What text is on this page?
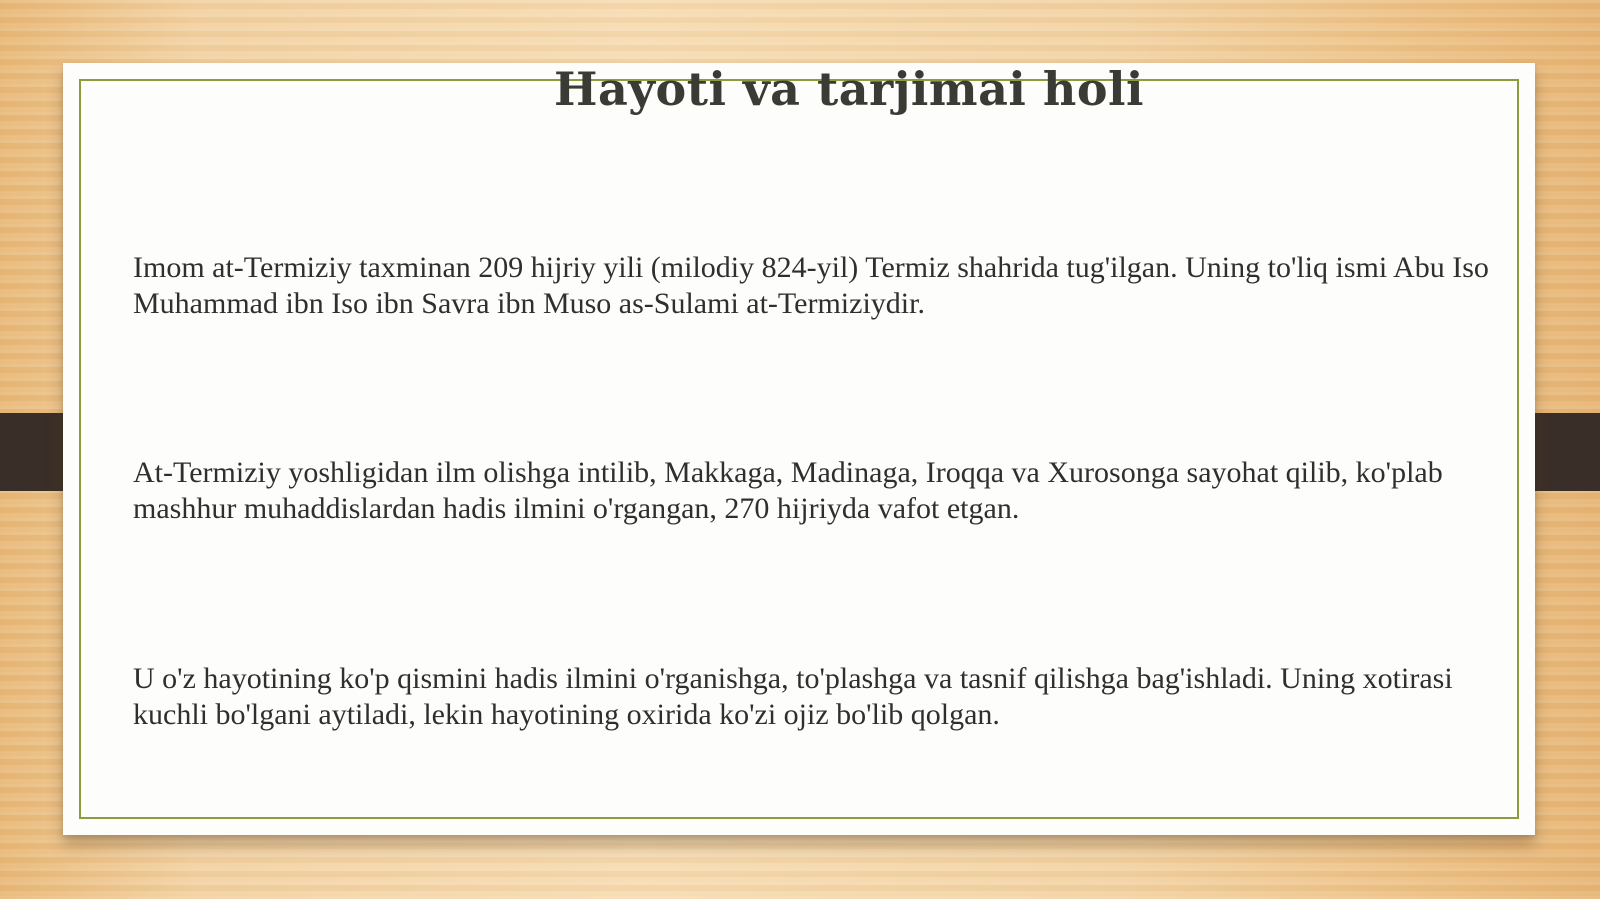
Hayoti va tarjimai holi

Imom at-Termiziy taxminan 209 hijriy yili (milodiy 824-yil) Termiz shahrida tug'ilgan. Uning to'liq ismi Abu Iso Muhammad ibn Iso ibn Savra ibn Muso as-Sulami at-Termiziydir.

At-Termiziy yoshligidan ilm olishga intilib, Makkaga, Madinaga, Iroqqa va Xurosonga sayohat qilib, ko'plab mashhur muhaddislardan hadis ilmini o'rgangan, 270 hijriyda vafot etgan.

U o'z hayotining ko'p qismini hadis ilmini o'rganishga, to'plashga va tasnif qilishga bag'ishladi. Uning xotirasi kuchli bo'lgani aytiladi, lekin hayotining oxirida ko'zi ojiz bo'lib qolgan.
